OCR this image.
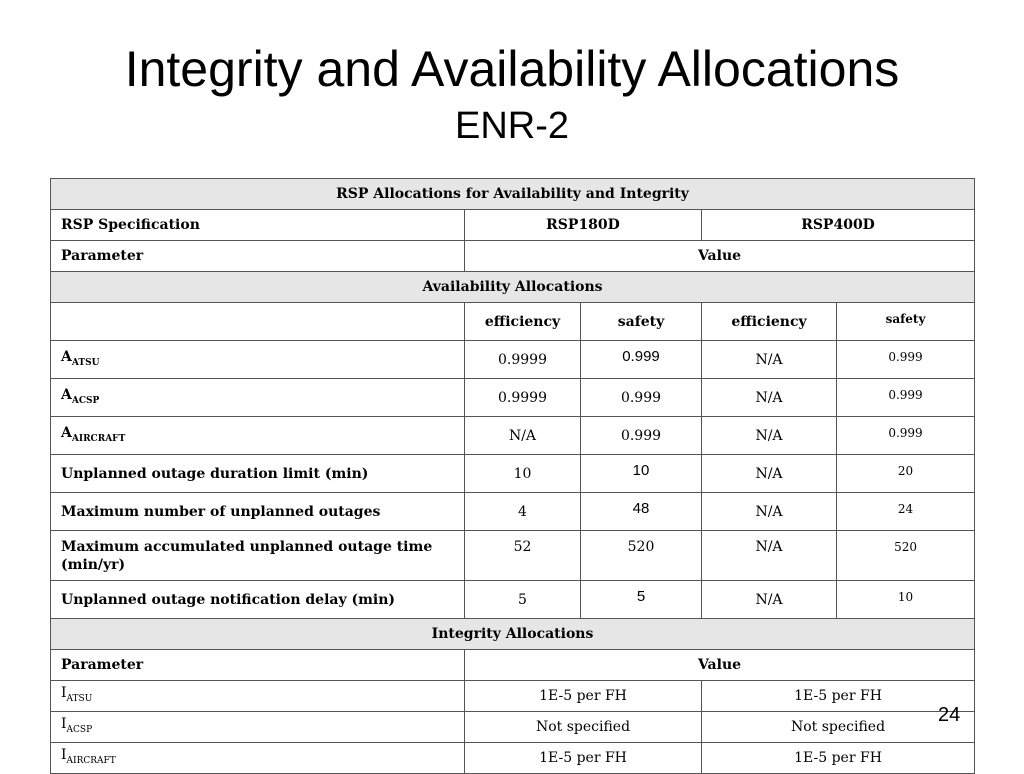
Integrity and Availability Allocations
ENR-2
RSP Allocations for Availability and Integrity				
RSP Specification	RSP180D		RSP400D	
Parameter	Value			
Availability Allocations				
	efficiency	safety	efficiency	safety
$A_{ATSU}$	0.9999	0.999	N/A	0.999
$A_{ACSP}$	0.9999	0.999	N/A	0.999
$A_{AIRCRAFT}$	N/A	0.999	N/A	0.999
Unplanned outage duration limit (min)	10	10	N/A	20
Maximum number of unplanned outages	4	48	N/A	24
Maximum accumulated unplanned outage time (min/yr)	52	520	N/A	520
Unplanned outage notification delay (min)	5	5	N/A	10
Integrity Allocations				
Parameter	Value			
$I_{ATSU}$	1E-5 per FH		1E-5 per FH	
$I_{ACSP}$	Not specified		Not specified	
$I_{AIRCRAFT}$	1E-5 per FH		1E-5 per FH	
24
